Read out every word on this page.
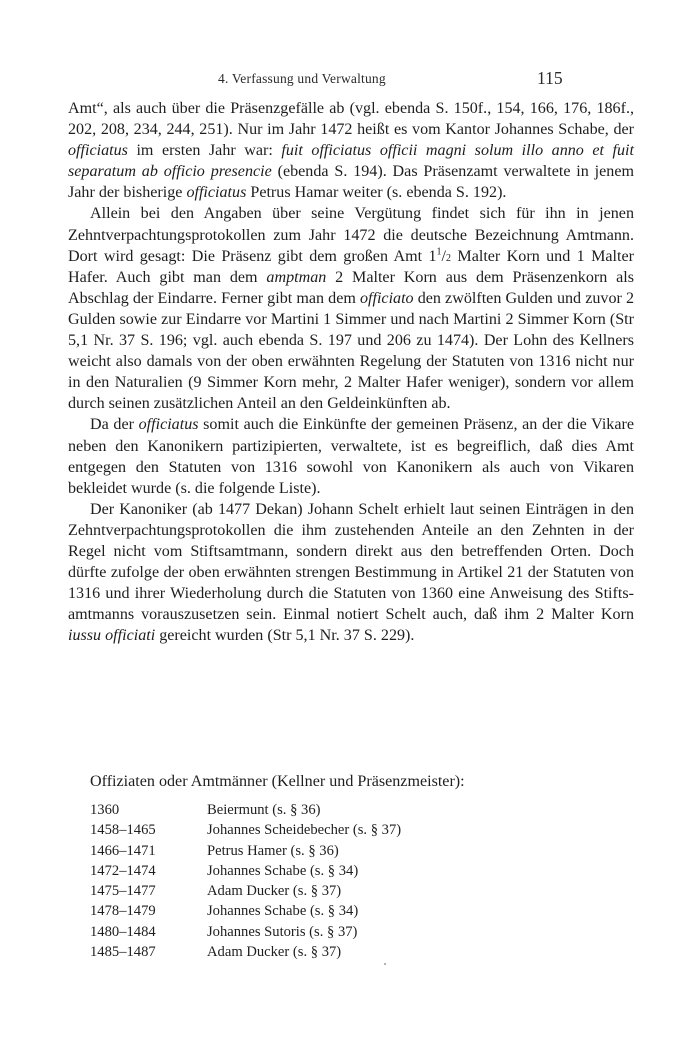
4. Verfassung und Verwaltung	115

Amt“, als auch über die Präsenzgefälle ab (vgl. ebenda S. 150f., 154, 166, 176, 186f., 202, 208, 234, 244, 251). Nur im Jahr 1472 heißt es vom Kantor Johannes Schabe, der officiatus im ersten Jahr war: fuit officiatus officii magni solum illo anno et fuit separatum ab officio presencie (ebenda S. 194). Das Präsenzamt verwaltete in jenem Jahr der bisherige officiatus Petrus Hamar weiter (s. ebenda S. 192).

Allein bei den Angaben über seine Vergütung findet sich für ihn in jenen Zehntverpachtungsprotokollen zum Jahr 1472 die deutsche Bezeichnung Amtmann. Dort wird gesagt: Die Präsenz gibt dem großen Amt $1^1/2$ Malter Korn und 1 Malter Hafer. Auch gibt man dem amptman 2 Malter Korn aus dem Präsenzenkorn als Abschlag der Eindarre. Ferner gibt man dem officiato den zwölften Gulden und zuvor 2 Gulden sowie zur Eindarre vor Martini 1 Simmer und nach Martini 2 Simmer Korn (Str 5,1 Nr. 37 S. 196; vgl. auch ebenda S. 197 und 206 zu 1474). Der Lohn des Kellners weicht also damals von der oben erwähnten Regelung der Statuten von 1316 nicht nur in den Naturalien (9 Simmer Korn mehr, 2 Malter Hafer weniger), sondern vor allem durch seinen zusätzlichen Anteil an den Geldeinkünften ab.

Da der officiatus somit auch die Einkünfte der gemeinen Präsenz, an der die Vikare neben den Kanonikern partizipierten, verwaltete, ist es begreiflich, daß dies Amt entgegen den Statuten von 1316 sowohl von Kanonikern als auch von Vikaren bekleidet wurde (s. die folgende Liste).

Der Kanoniker (ab 1477 Dekan) Johann Schelt erhielt laut seinen Einträgen in den Zehntverpachtungsprotokollen die ihm zustehenden Anteile an den Zehnten in der Regel nicht vom Stiftsamtmann, sondern direkt aus den betreffenden Orten. Doch dürfte zufolge der oben erwähnten strengen Bestimmung in Artikel 21 der Statuten von 1316 und ihrer Wiederholung durch die Statuten von 1360 eine Anweisung des Stiftsamtmanns vorauszusetzen sein. Einmal notiert Schelt auch, daß ihm 2 Malter Korn iussu officiati gereicht wurden (Str 5,1 Nr. 37 S. 229).

Offiziaten oder Amtmänner (Kellner und Präsenzmeister):

1360	Beiermunt (s. § 36)
1458–1465	Johannes Scheidebecher (s. § 37)
1466–1471	Petrus Hamer (s. § 36)
1472–1474	Johannes Schabe (s. § 34)
1475–1477	Adam Ducker (s. § 37)
1478–1479	Johannes Schabe (s. § 34)
1480–1484	Johannes Sutoris (s. § 37)
1485–1487	Adam Ducker (s. § 37)
